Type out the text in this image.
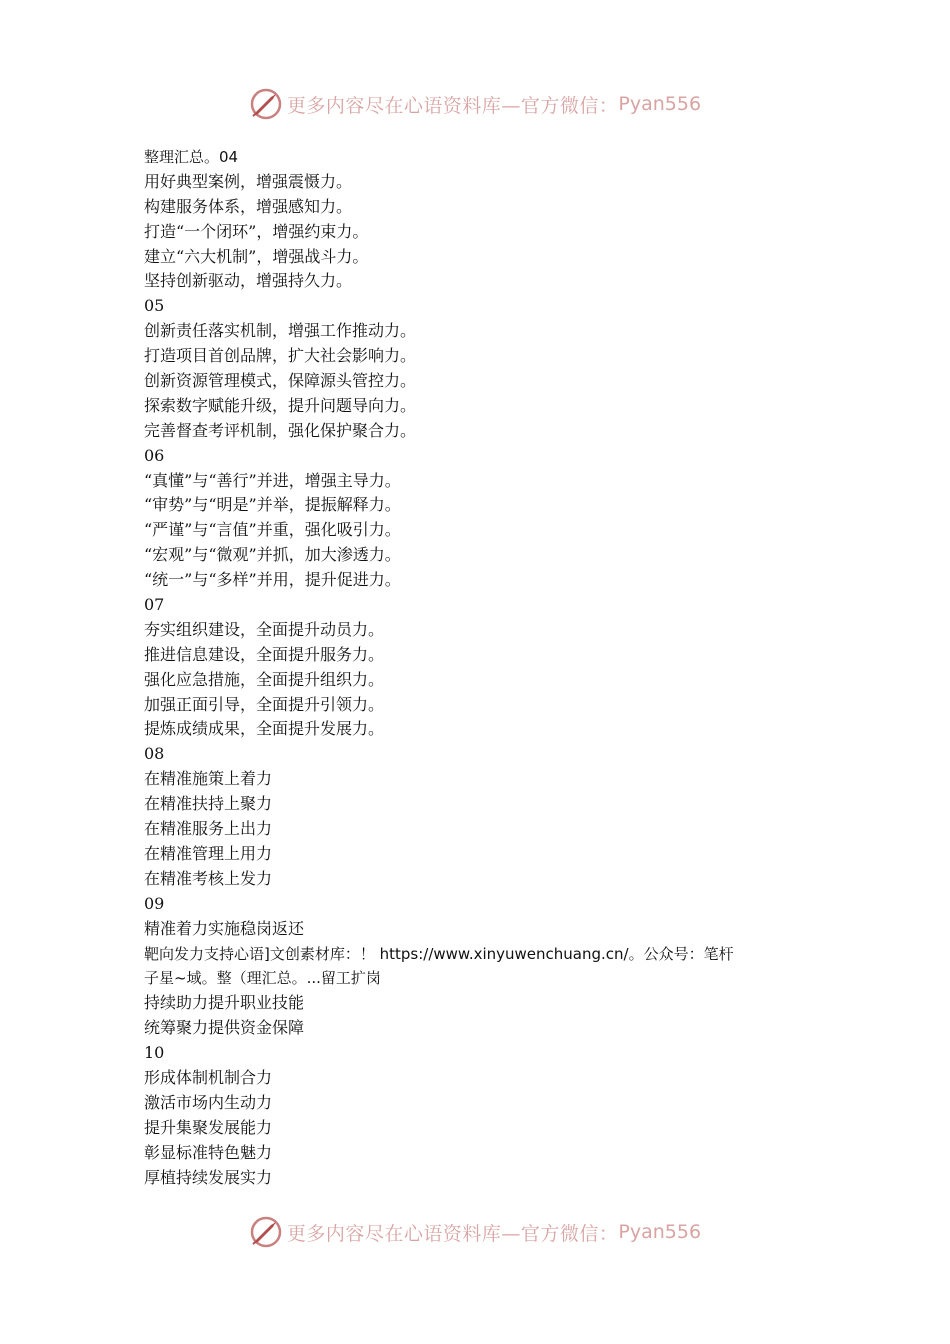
更多内容尽在心语资料库—官方微信： Pyan556
整理汇总。04
用好典型案例，增强震慑力。
构建服务体系，增强感知力。
打造“一个闭环”，增强约束力。
建立“六大机制”，增强战斗力。
坚持创新驱动，增强持久力。
05
创新责任落实机制，增强工作推动力。
打造项目首创品牌，扩大社会影响力。
创新资源管理模式，保障源头管控力。
探索数字赋能升级，提升问题导向力。
完善督查考评机制，强化保护聚合力。
06
“真懂”与“善行”并进，增强主导力。
“审势”与“明是”并举，提振解释力。
“严谨”与“言值”并重，强化吸引力。
“宏观”与“微观”并抓，加大渗透力。
“统一”与“多样”并用，提升促进力。
07
夯实组织建设，全面提升动员力。
推进信息建设，全面提升服务力。
强化应急措施，全面提升组织力。
加强正面引导，全面提升引领力。
提炼成绩成果，全面提升发展力。
08
在精准施策上着力
在精准扶持上聚力
在精准服务上出力
在精准管理上用力
在精准考核上发力
09
精准着力实施稳岗返还
靶向发力支持心语]文创素材库：！ https://www.xinyuwenchuang.cn/。公众号：笔杆
子星~域。整（理汇总。...留工扩岗
持续助力提升职业技能
统筹聚力提供资金保障
10
形成体制机制合力
激活市场内生动力
提升集聚发展能力
彰显标准特色魅力
厚植持续发展实力
更多内容尽在心语资料库—官方微信： Pyan556
